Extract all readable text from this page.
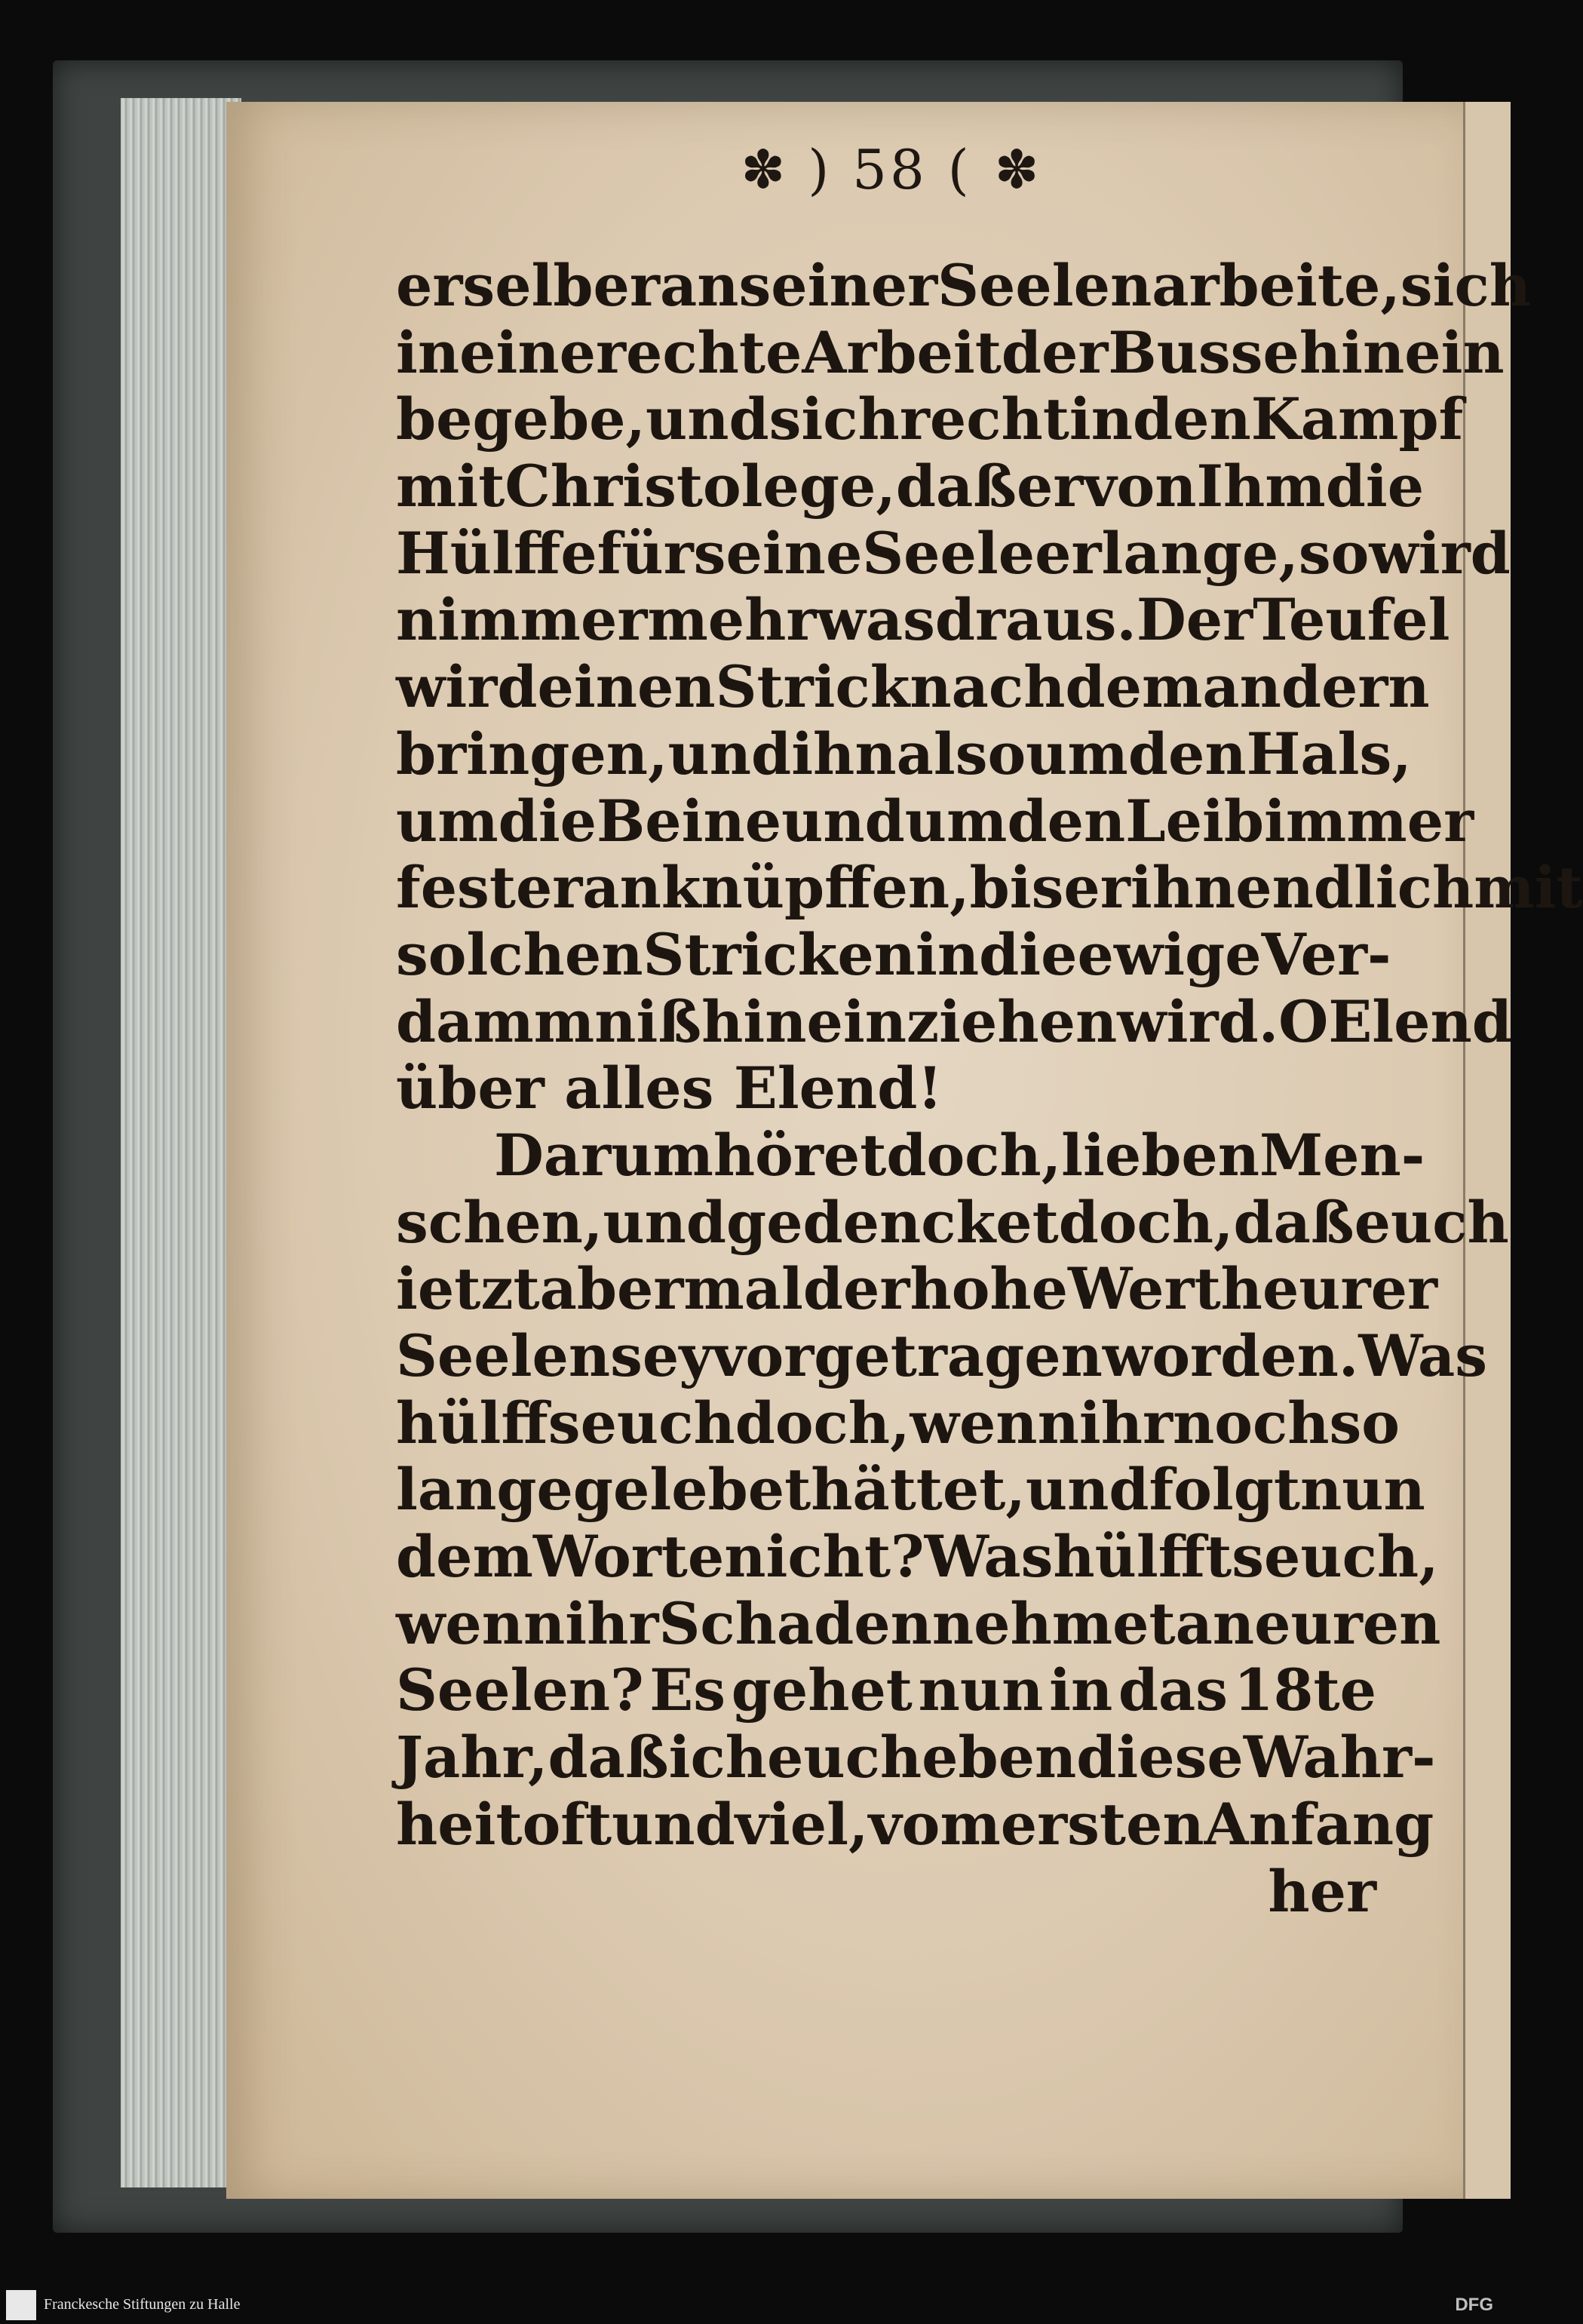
✽ ) 58 ( ✽
er selber an seiner Seelen arbeite, sich
in eine rechte Arbeit der Busse hinein
begebe, und sich recht in den Kampf
mit Christo lege, daß er von Ihm die
Hülffe für seine Seele erlange, so wird
nimmermehr was draus. Der Teufel
wird einen Strick nach dem andern
bringen, und ihn also um den Hals,
um die Beine und um den Leib immer
fester anknüpffen, bis er ihn endlich mit
solchen Stricken in die ewige Ver-
dammniß hinein ziehen wird. O Elend
über alles Elend!
Darum höret doch, lieben Men-
schen, und gedencket doch, daß euch
ietzt abermal der hohe Werth eurer
Seelen sey vorgetragen worden. Was
hülffs euch doch, wenn ihr noch so
lange gelebet hättet, und folgt nun
dem Worte nicht? Was hülffts euch,
wenn ihr Schaden nehmet an euren
Seelen? Es gehet nun in das 18te
Jahr, daß ich euch eben diese Wahr-
heit oft und viel, vom ersten Anfang
her
Franckesche Stiftungen zu Halle	DFG
